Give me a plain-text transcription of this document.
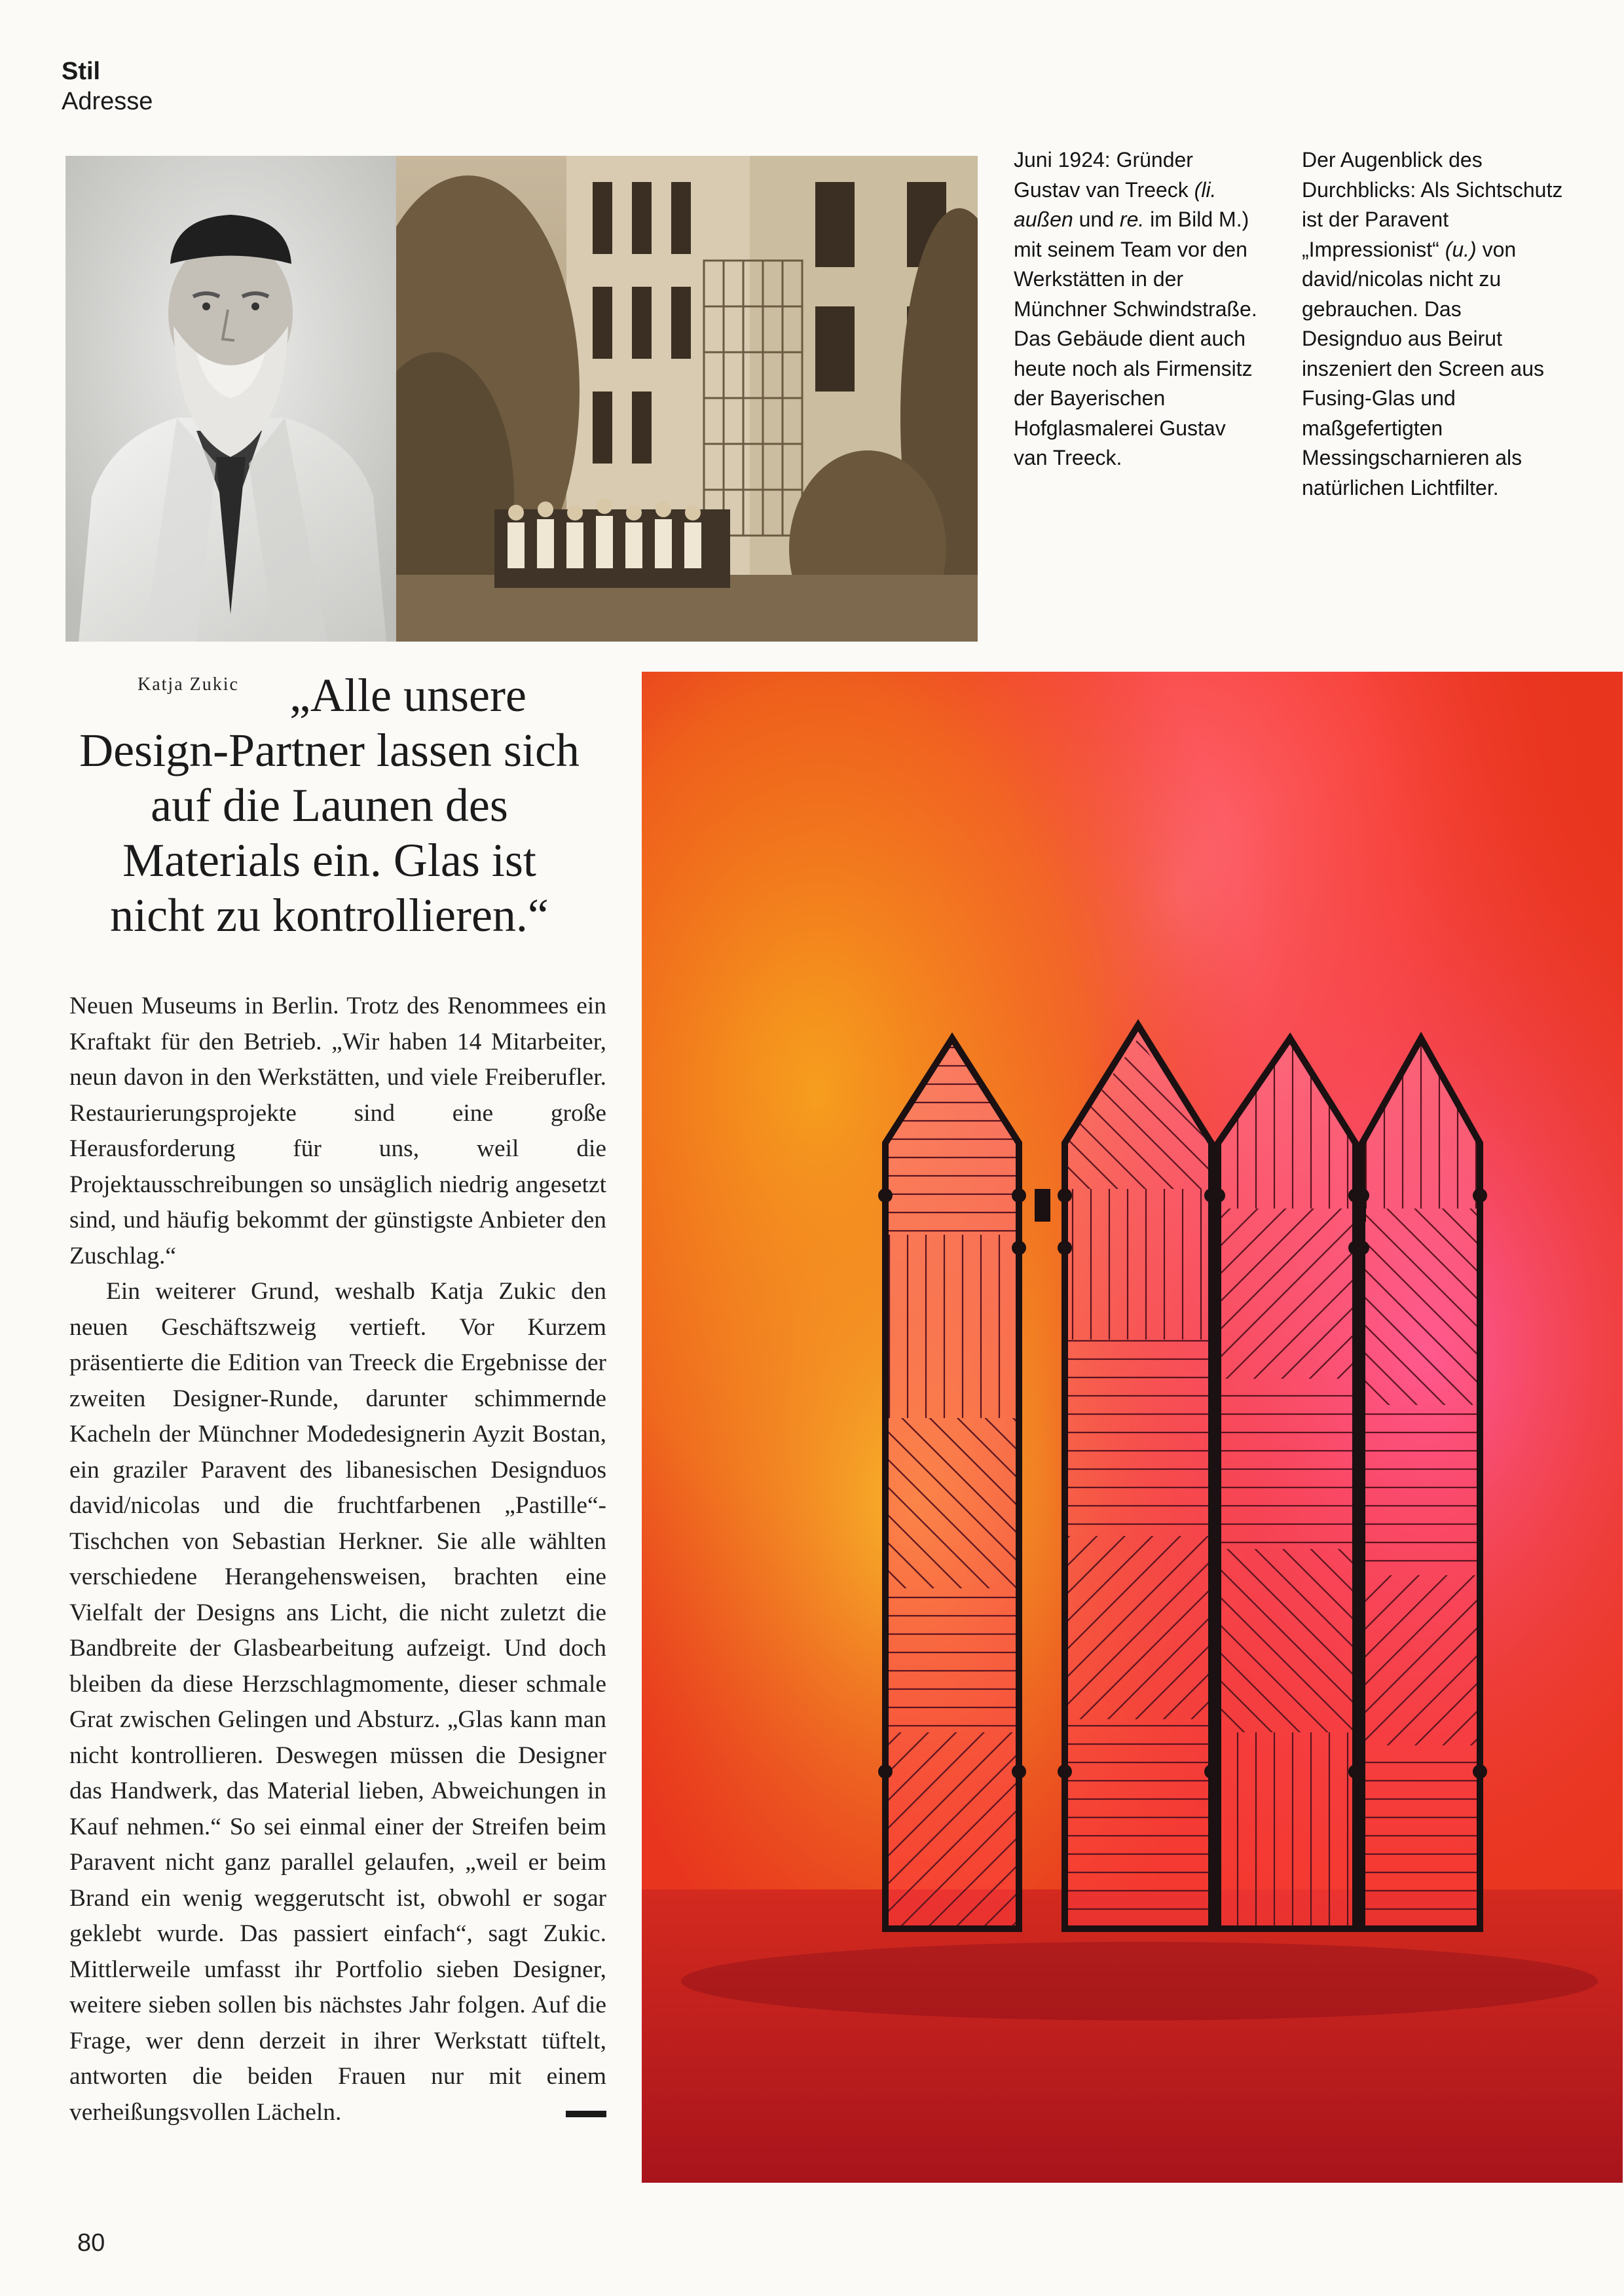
Stil
Adresse

Juni 1924: Gründer Gustav van Treeck (li. außen und re. im Bild M.) mit seinem Team vor den Werkstätten in der Münchner Schwindstraße. Das Gebäude dient auch heute noch als Firmensitz der Bayerischen Hofglasmalerei Gustav van Treeck.

Der Augenblick des Durchblicks: Als Sichtschutz ist der Paravent „Impressionist“ (u.) von david/nicolas nicht zu gebrauchen. Das Designduo aus Beirut inszeniert den Screen aus Fusing-Glas und maßgefertigten Messingscharnieren als natürlichen Lichtfilter.

Katja Zukic	„Alle unsere Design-Partner lassen sich auf die Launen des Materials ein. Glas ist nicht zu kontrollieren.“

Neuen Museums in Berlin. Trotz des Renommees ein Kraftakt für den Betrieb. „Wir haben 14 Mitarbeiter, neun davon in den Werkstätten, und viele Freiberufler. Restaurierungsprojekte sind eine große Herausforderung für uns, weil die Projektausschreibungen so unsäglich niedrig angesetzt sind, und häufig bekommt der günstigste Anbieter den Zuschlag.“

Ein weiterer Grund, weshalb Katja Zukic den neuen Geschäftszweig vertieft. Vor Kurzem präsentierte die Edition van Treeck die Ergebnisse der zweiten Designer-Runde, darunter schimmernde Kacheln der Münchner Modedesignerin Ayzit Bostan, ein graziler Paravent des libanesischen Designduos david/nicolas und die fruchtfarbenen „Pastille“-Tischchen von Sebastian Herkner. Sie alle wählten verschiedene Herangehensweisen, brachten eine Vielfalt der Designs ans Licht, die nicht zuletzt die Bandbreite der Glasbearbeitung aufzeigt. Und doch bleiben da diese Herzschlagmomente, dieser schmale Grat zwischen Gelingen und Absturz. „Glas kann man nicht kontrollieren. Deswegen müssen die Designer das Handwerk, das Material lieben, Abweichungen in Kauf nehmen.“ So sei einmal einer der Streifen beim Paravent nicht ganz parallel gelaufen, „weil er beim Brand ein wenig weggerutscht ist, obwohl er sogar geklebt wurde. Das passiert einfach“, sagt Zukic. Mittlerweile umfasst ihr Portfolio sieben Designer, weitere sieben sollen bis nächstes Jahr folgen. Auf die Frage, wer denn derzeit in ihrer Werkstatt tüftelt, antworten die beiden Frauen nur mit einem verheißungsvollen Lächeln.

80
